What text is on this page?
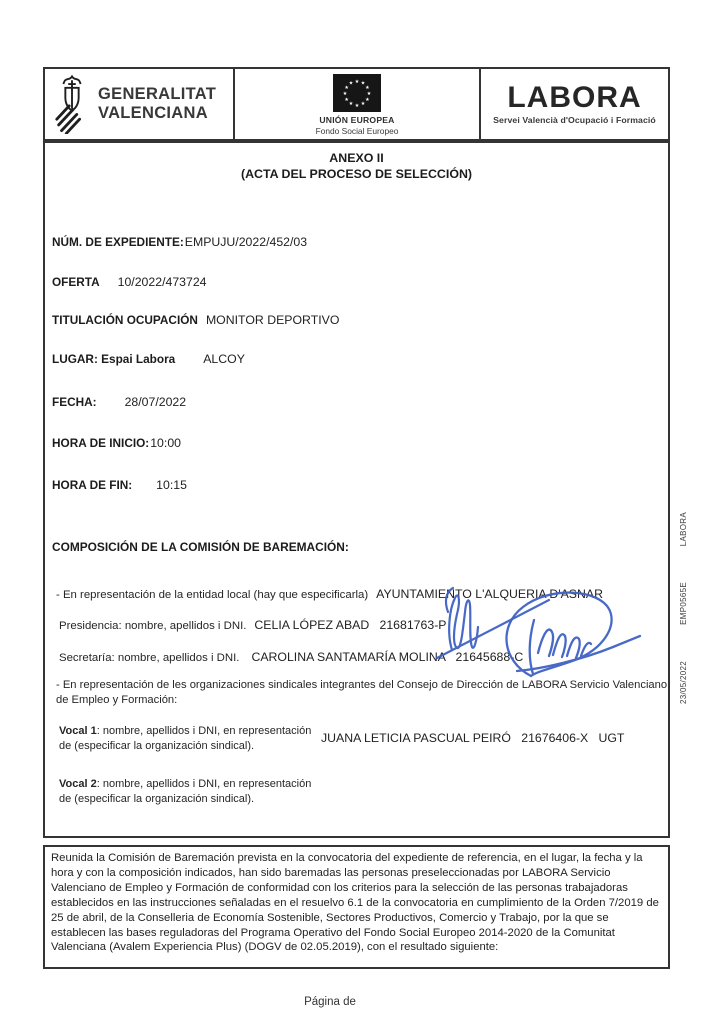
GENERALITAT
VALENCIANA
★ ★
★
★
★
★
★
★
★
★
★
★
UNIÓN EUROPEA
Fondo Social Europeo
LABORA
Servei Valencià d'Ocupació i Formació
ANEXO II
(ACTA DEL PROCESO DE SELECCIÓN)
NÚM. DE EXPEDIENTE:EMPUJU/2022/452/03
OFERTA 10/2022/473724
TITULACIÓN OCUPACIÓN MONITOR DEPORTIVO
LUGAR: Espai Labora ALCOY
FECHA: 28/07/2022
HORA DE INICIO:10:00
HORA DE FIN: 10:15
COMPOSICIÓN DE LA COMISIÓN DE BAREMACIÓN:
- En representación de la entidad local (hay que especificarla) AYUNTAMIENTO L'ALQUERIA D'ASNAR
Presidencia: nombre, apellidos i DNI. CELIA LÓPEZ ABAD   21681763-P
Secretaría: nombre, apellidos i DNI. CAROLINA SANTAMARÍA MOLINA   21645688-C
- En representación de les organizaciones sindicales integrantes del Consejo de Dirección de LABORA Servicio Valenciano de Empleo y Formación:
Vocal 1: nombre, apellidos i DNI, en representación de (especificar la organización sindical).
JUANA LETICIA PASCUAL PEIRÓ   21676406-X   UGT
Vocal 2: nombre, apellidos i DNI, en representación de (especificar la organización sindical).
Reunida la Comisión de Baremación prevista en la convocatoria del expediente de referencia, en el lugar, la fecha y la hora y con la composición indicados, han sido baremadas las personas preseleccionadas por LABORA Servicio Valenciano de Empleo y Formación de conformidad con los criterios para la selección de las personas trabajadoras establecidos en las instrucciones señaladas en el resuelvo 6.1 de la convocatoria en cumplimiento de la Orden 7/2019 de 25 de abril, de la Conselleria de Economía Sostenible, Sectores Productivos, Comercio y Trabajo, por la que se establecen las bases reguladoras del Programa Operativo del Fondo Social Europeo 2014-2020 de la Comunitat Valenciana (Avalem Experiencia Plus) (DOGV de 02.05.2019), con el resultado siguiente:
LABORA
EMP0565E
23/05/2022
Página de
